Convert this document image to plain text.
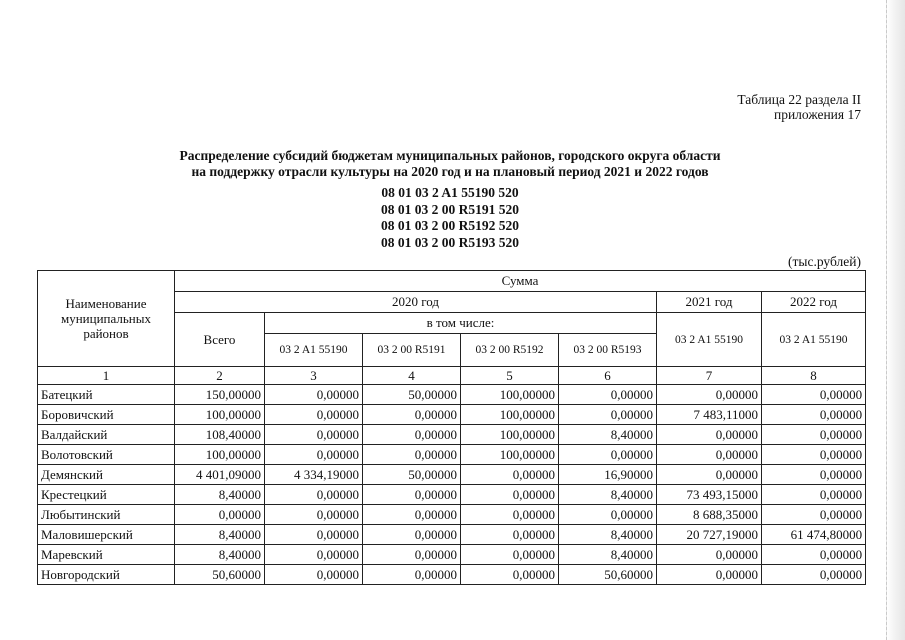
Таблица 22 раздела II
приложения 17
Распределение субсидий бюджетам муниципальных районов, городского округа области
на поддержку отрасли культуры на 2020 год и на плановый период 2021 и 2022 годов
08 01 03 2 A1 55190 520
08 01 03 2 00 R5191 520
08 01 03 2 00 R5192 520
08 01 03 2 00 R5193 520
(тыс.рублей)
Наименование муниципальных районов	Сумма						
	2020 год					2021 год	2022 год
	Всего	в том числе:				03 2 A1 55190	03 2 A1 55190
		03 2 A1 55190	03 2 00 R5191	03 2 00 R5192	03 2 00 R5193		
1	2	3	4	5	6	7	8
Батецкий	150,00000	0,00000	50,00000	100,00000	0,00000	0,00000	0,00000
Боровичский	100,00000	0,00000	0,00000	100,00000	0,00000	7 483,11000	0,00000
Валдайский	108,40000	0,00000	0,00000	100,00000	8,40000	0,00000	0,00000
Волотовский	100,00000	0,00000	0,00000	100,00000	0,00000	0,00000	0,00000
Демянский	4 401,09000	4 334,19000	50,00000	0,00000	16,90000	0,00000	0,00000
Крестецкий	8,40000	0,00000	0,00000	0,00000	8,40000	73 493,15000	0,00000
Любытинский	0,00000	0,00000	0,00000	0,00000	0,00000	8 688,35000	0,00000
Маловишерский	8,40000	0,00000	0,00000	0,00000	8,40000	20 727,19000	61 474,80000
Маревский	8,40000	0,00000	0,00000	0,00000	8,40000	0,00000	0,00000
Новгородский	50,60000	0,00000	0,00000	0,00000	50,60000	0,00000	0,00000
